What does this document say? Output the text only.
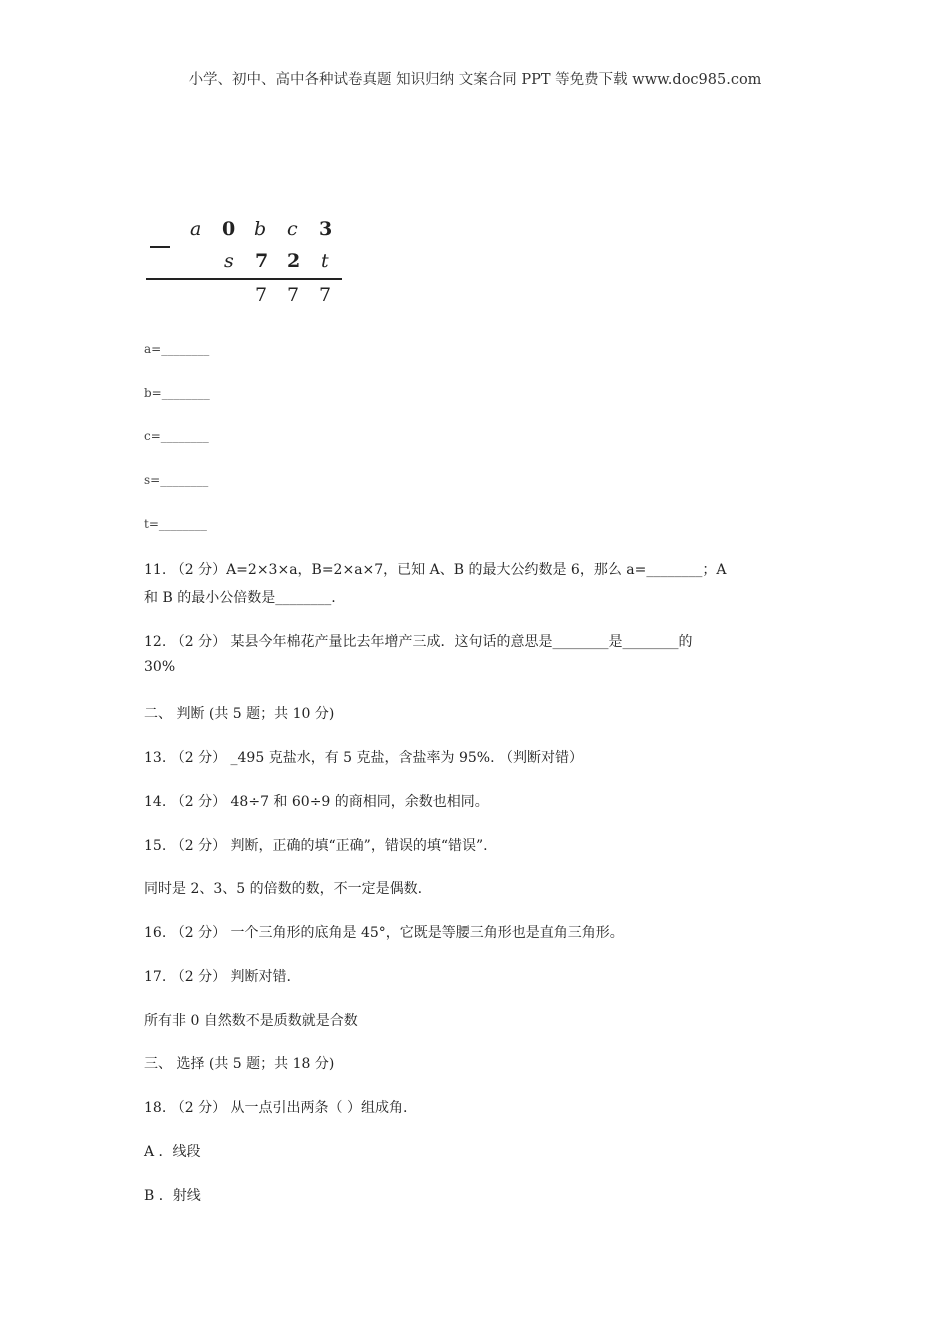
小学、初中、高中各种试卷真题 知识归纳 文案合同 PPT 等免费下载 www.doc985.com
a 0 b c 3
s 7 2 t
7 7 7
a=________
b=________
c=________
s=________
t=________
11. （2 分）A=2×3×a，B=2×a×7，已知 A、B 的最大公约数是 6，那么 a=________；A
和 B 的最小公倍数是________.
12. （2 分） 某县今年棉花产量比去年增产三成．这句话的意思是________是________的
30%
二、 判断 (共 5 题；共 10 分)
13. （2 分） _495 克盐水，有 5 克盐，含盐率为 95%. （判断对错）
14. （2 分） 48÷7 和 60÷9 的商相同，余数也相同。
15. （2 分） 判断，正确的填“正确”，错误的填“错误”.
同时是 2、3、5 的倍数的数，不一定是偶数.
16. （2 分） 一个三角形的底角是 45°，它既是等腰三角形也是直角三角形。
17. （2 分） 判断对错.
所有非 0 自然数不是质数就是合数
三、 选择 (共 5 题；共 18 分)
18. （2 分） 从一点引出两条（ ）组成角.
A ．线段
B ．射线
